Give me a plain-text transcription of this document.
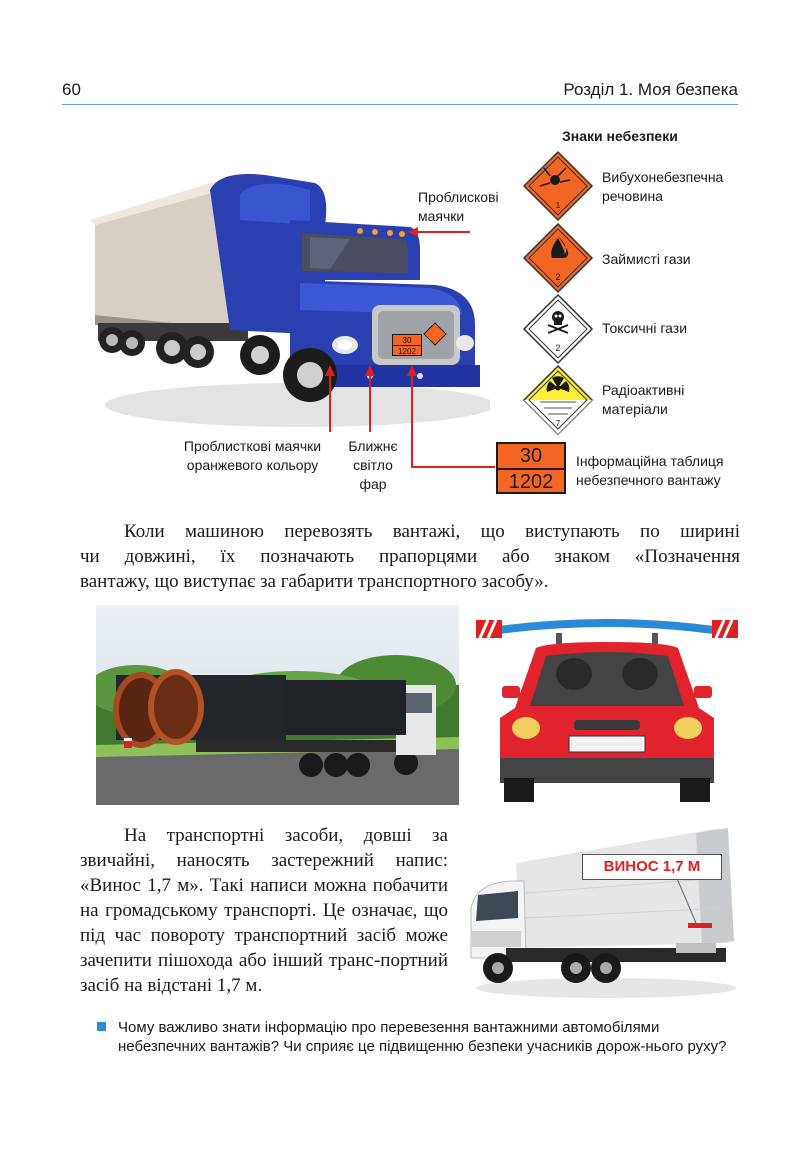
60	Розділ 1. Моя безпека
Знаки небезпеки
30
1202
Проблискові
маячки
Проблисткові маячки
оранжевого кольору
Ближнє
світло
фар
1
Вибухонебезпечна
речовина
2
Займисті гази
2
Токсичні гази
7
Радіоактивні
матеріали
30
1202
Інформаційна таблиця
небезпечного вантажу
Коли машиною перевозять вантажі, що виступають по ширині
чи довжині, їх позначають прапорцями або знаком «Позначення
вантажу, що виступає за габарити транспортного засобу».
На транспортні засоби, довші за звичайні, наносять застережний напис: «Винос 1,7 м». Такі написи можна побачити на громадському транспорті. Це означає, що під час повороту транспортний засіб може зачепити пішохода або інший транс-портний засіб на відстані 1,7 м.
ВИНОС 1,7 М
Чому важливо знати інформацію про перевезення вантажними автомобілями небезпечних вантажів? Чи сприяє це підвищенню безпеки учасників дорож-нього руху?
